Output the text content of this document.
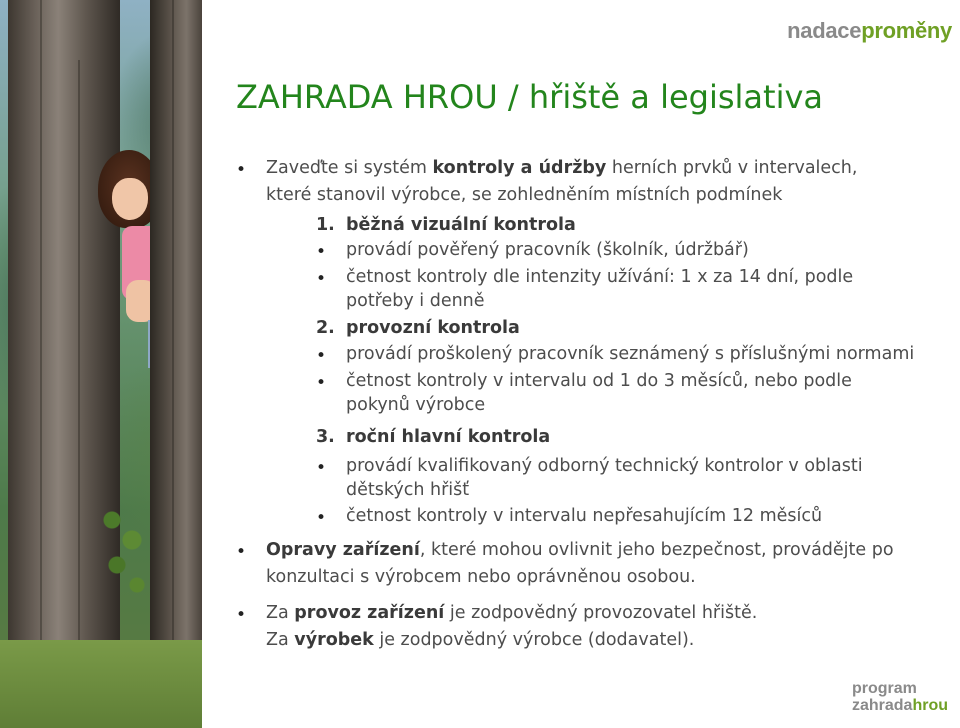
nadaceproměny
ZAHRADA HROU / hřiště a legislativa
• Zaveďte si systém kontroly a údržby herních prvků v intervalech,
které stanovil výrobce, se zohledněním místních podmínek
1. běžná vizuální kontrola
• provádí pověřený pracovník (školník, údržbář)
• četnost kontroly dle intenzity užívání: 1 x za 14 dní, podle
potřeby i denně
2. provozní kontrola
• provádí proškolený pracovník seznámený s příslušnými normami
• četnost kontroly v intervalu od 1 do 3 měsíců, nebo podle
pokynů výrobce
3. roční hlavní kontrola
• provádí kvalifikovaný odborný technický kontrolor v oblasti
dětských hřišť
• četnost kontroly v intervalu nepřesahujícím 12 měsíců
• Opravy zařízení, které mohou ovlivnit jeho bezpečnost, provádějte po
konzultaci s výrobcem nebo oprávněnou osobou.
• Za provoz zařízení je zodpovědný provozovatel hřiště.
Za výrobek je zodpovědný výrobce (dodavatel).
program
zahradahrou
